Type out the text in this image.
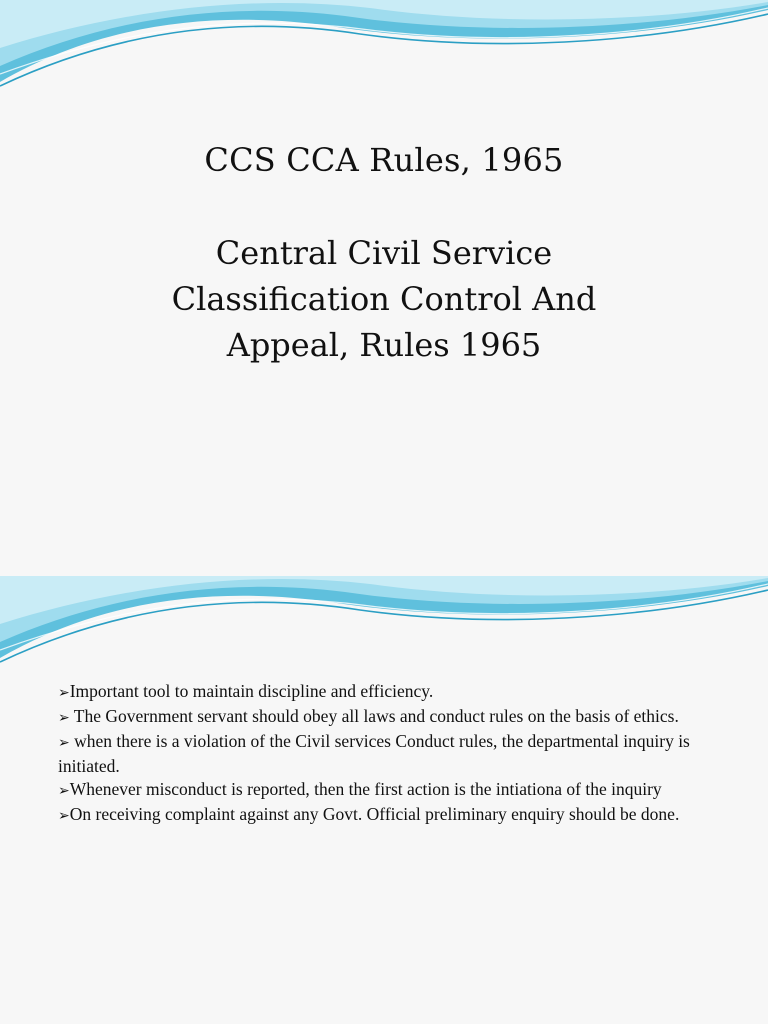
CCS CCA Rules, 1965
Central Civil Service Classification Control And Appeal, Rules 1965
➢Important tool to maintain discipline and efficiency.
➢ The Government servant should obey all laws and conduct rules on the basis of ethics.
➢ when there is a violation of the Civil services Conduct rules, the departmental inquiry is initiated.
➢Whenever misconduct is reported, then the first action is the intiationa of the inquiry
➢On receiving complaint against any Govt. Official preliminary enquiry should be done.
